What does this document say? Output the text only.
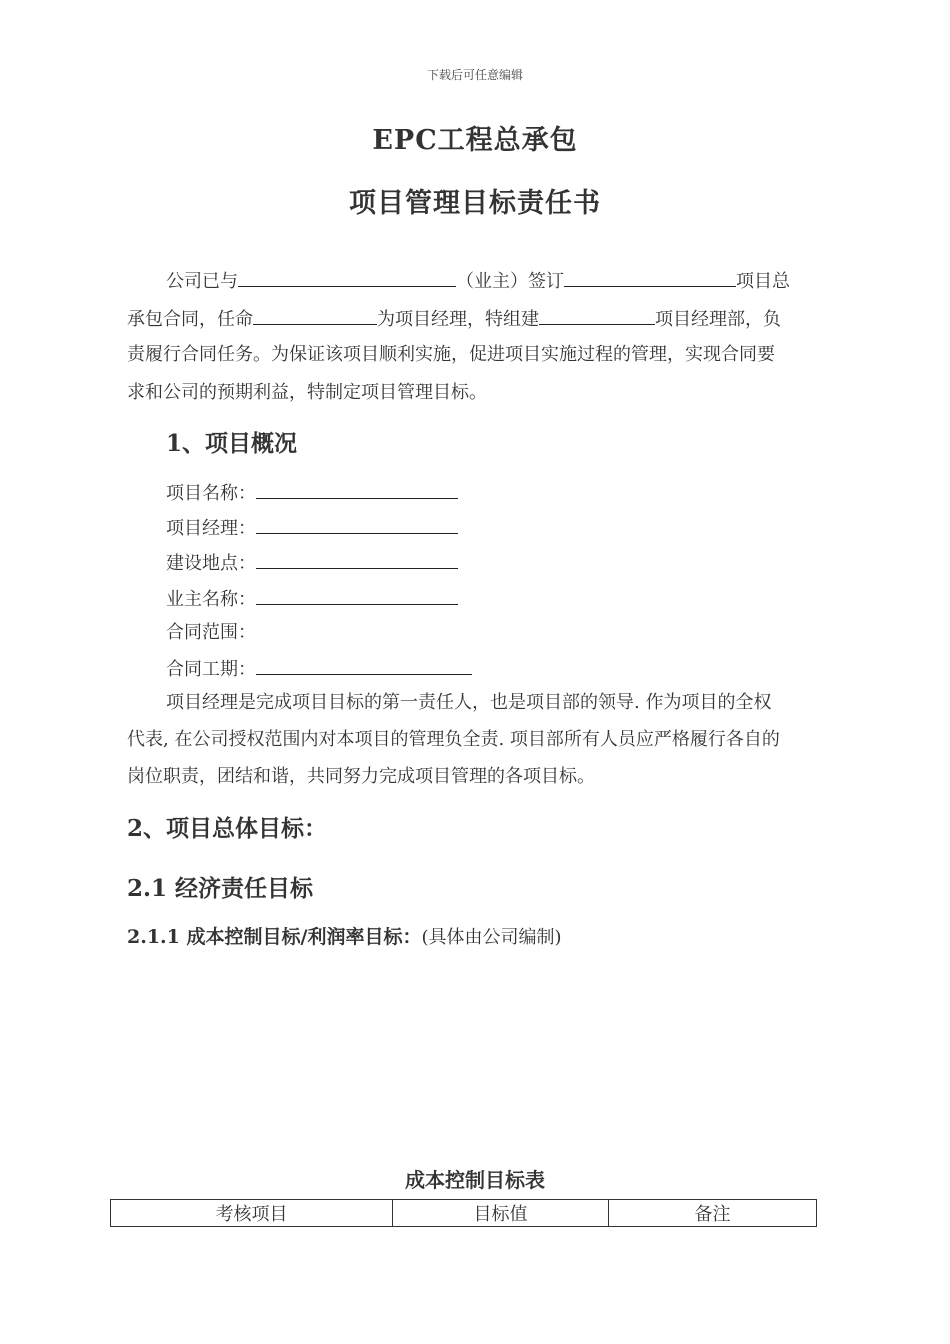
下载后可任意编辑
EPC工程总承包
项目管理目标责任书
公司已与	（业主）签订	项目总
承包合同，任命	为项目经理，特组建	项目经理部，负
责履行合同任务。为保证该项目顺利实施，促进项目实施过程的管理，实现合同要
求和公司的预期利益，特制定项目管理目标。
1、项目概况
项目名称：
项目经理：
建设地点：
业主名称：
合同范围：
合同工期：
项目经理是完成项目目标的第一责任人，也是项目部的领导. 作为项目的全权
代表, 在公司授权范围内对本项目的管理负全责. 项目部所有人员应严格履行各自的
岗位职责，团结和谐，共同努力完成项目管理的各项目标。
2、项目总体目标：
2.1 经济责任目标
2.1.1 成本控制目标/利润率目标：(具体由公司编制)
成本控制目标表
考核项目	目标值	备注
